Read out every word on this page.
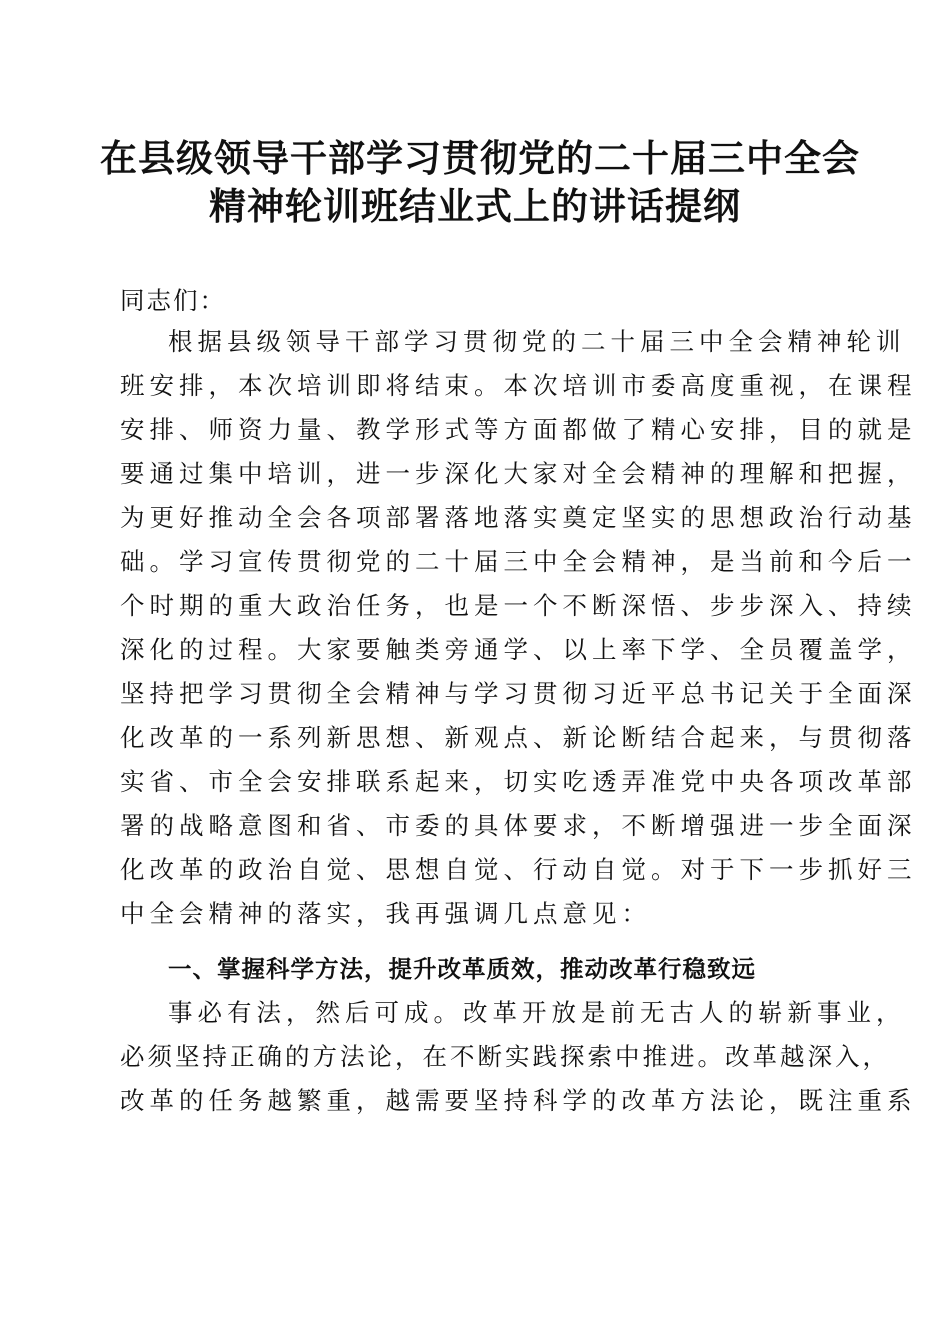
在县级领导干部学习贯彻党的二十届三中全会
精神轮训班结业式上的讲话提纲

同志们：

根据县级领导干部学习贯彻党的二十届三中全会精神轮训

班安排，本次培训即将结束。本次培训市委高度重视，在课程

安排、师资力量、教学形式等方面都做了精心安排，目的就是

要通过集中培训，进一步深化大家对全会精神的理解和把握，

为更好推动全会各项部署落地落实奠定坚实的思想政治行动基

础。学习宣传贯彻党的二十届三中全会精神，是当前和今后一

个时期的重大政治任务，也是一个不断深悟、步步深入、持续

深化的过程。大家要触类旁通学、以上率下学、全员覆盖学，

坚持把学习贯彻全会精神与学习贯彻习近平总书记关于全面深

化改革的一系列新思想、新观点、新论断结合起来，与贯彻落

实省、市全会安排联系起来，切实吃透弄准党中央各项改革部

署的战略意图和省、市委的具体要求，不断增强进一步全面深

化改革的政治自觉、思想自觉、行动自觉。对于下一步抓好三

中全会精神的落实，我再强调几点意见：

一、掌握科学方法，提升改革质效，推动改革行稳致远

事必有法，然后可成。改革开放是前无古人的崭新事业，

必须坚持正确的方法论，在不断实践探索中推进。改革越深入，

改革的任务越繁重，越需要坚持科学的改革方法论，既注重系
